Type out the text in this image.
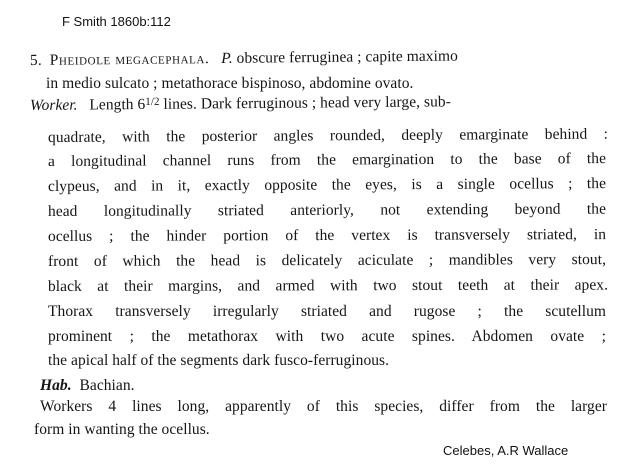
F Smith 1860b:112
5. Pheidole megacephala. P. obscure ferruginea ; capite maximo
in medio sulcato ; metathorace bispinoso, abdomine ovato.
Worker. Length $6^{1/2}$ lines. Dark ferruginous ; head very large, sub-
quadrate, with the posterior angles rounded, deeply emarginate behind :
a longitudinal channel runs from the emargination to the base of the
clypeus, and in it, exactly opposite the eyes, is a single ocellus ; the
head longitudinally striated anteriorly, not extending beyond the
ocellus ; the hinder portion of the vertex is transversely striated, in
front of which the head is delicately aciculate ; mandibles very stout,
black at their margins, and armed with two stout teeth at their apex.
Thorax transversely irregularly striated and rugose ; the scutellum
prominent ; the metathorax with two acute spines. Abdomen ovate ;
the apical half of the segments dark fusco-ferruginous.
Hab. Bachian.
Workers 4 lines long, apparently of this species, differ from the larger
form in wanting the ocellus.
Celebes, A.R Wallace
